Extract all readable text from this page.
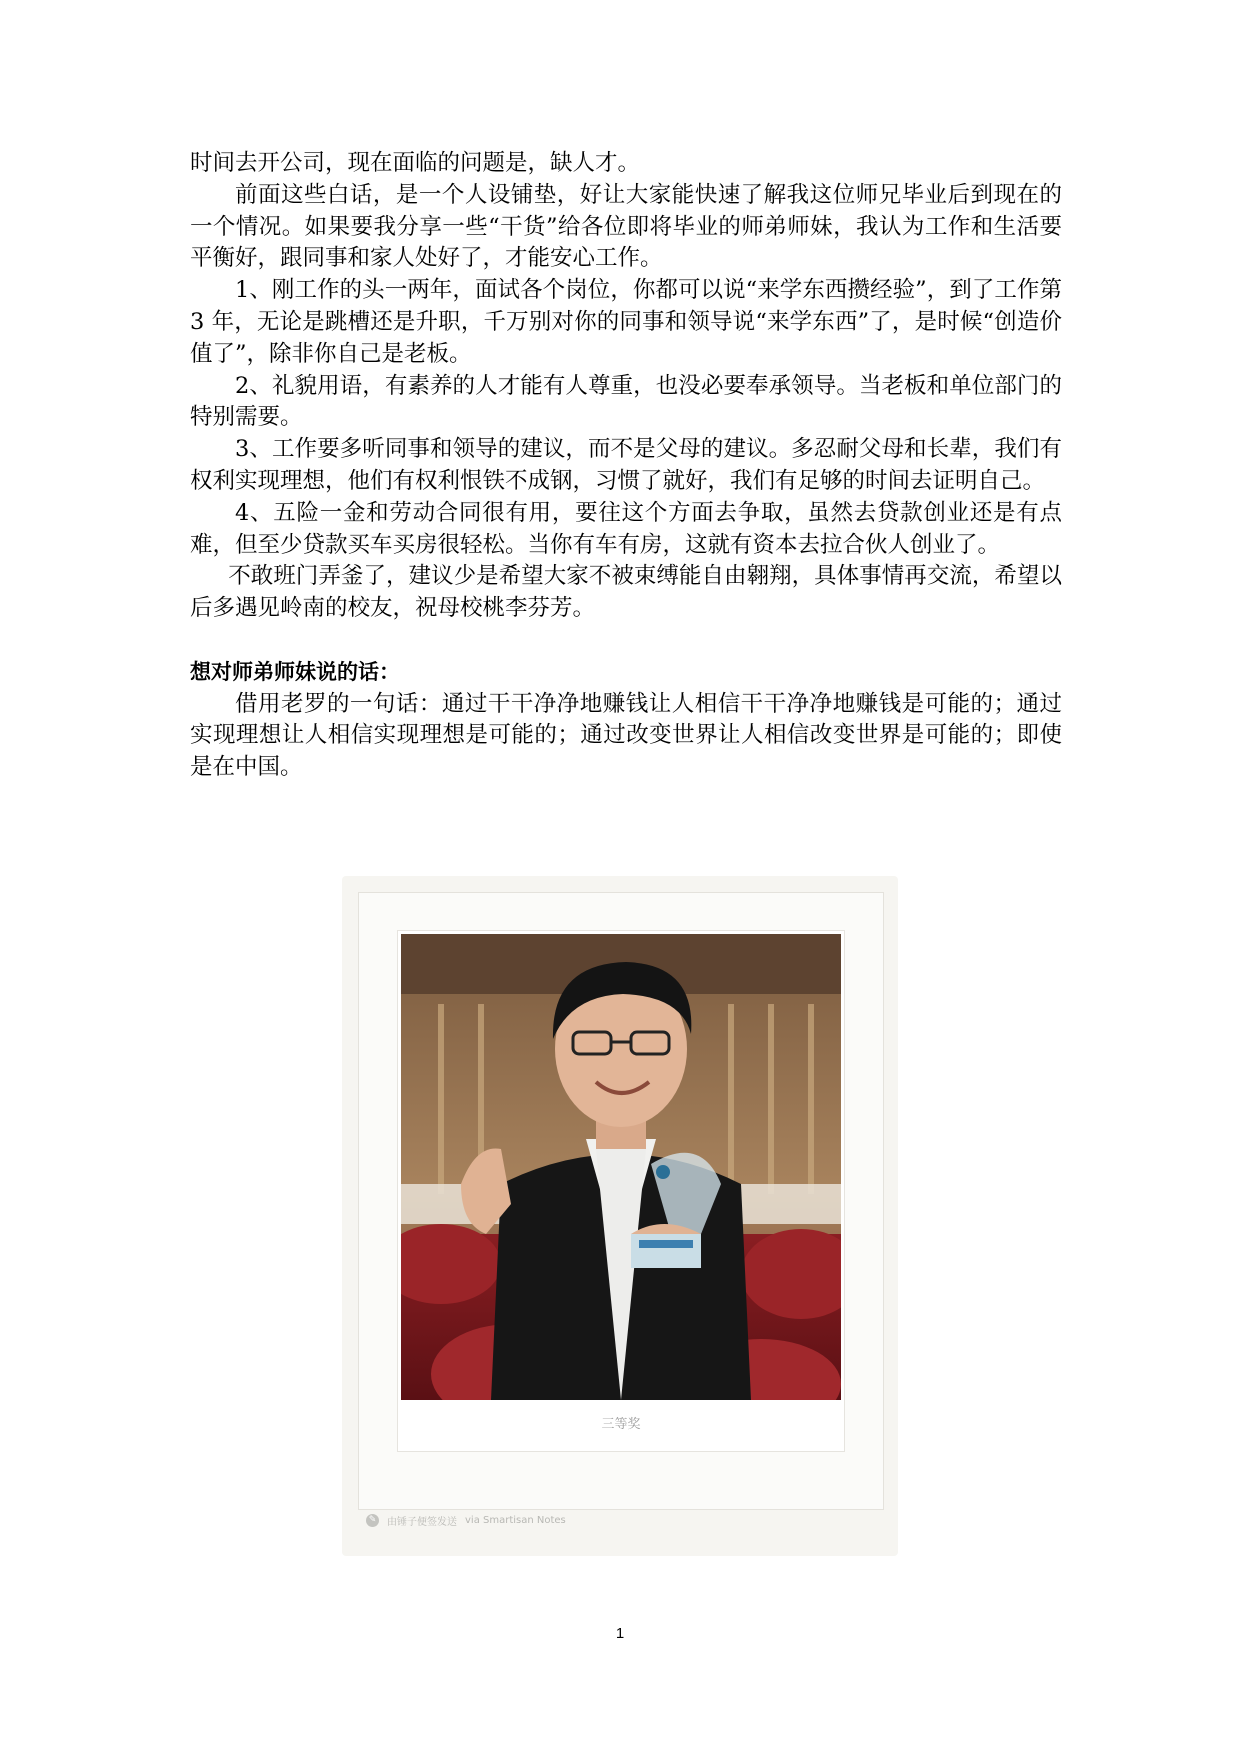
时间去开公司，现在面临的问题是，缺人才。

前面这些白话，是一个人设铺垫，好让大家能快速了解我这位师兄毕业后到现在的一个情况。如果要我分享一些“干货”给各位即将毕业的师弟师妹，我认为工作和生活要平衡好，跟同事和家人处好了，才能安心工作。

1、刚工作的头一两年，面试各个岗位，你都可以说“来学东西攒经验”，到了工作第 3 年，无论是跳槽还是升职，千万别对你的同事和领导说“来学东西”了，是时候“创造价值了”，除非你自己是老板。

2、礼貌用语，有素养的人才能有人尊重，也没必要奉承领导。当老板和单位部门的特别需要。

3、工作要多听同事和领导的建议，而不是父母的建议。多忍耐父母和长辈，我们有权利实现理想，他们有权利恨铁不成钢，习惯了就好，我们有足够的时间去证明自己。

4、五险一金和劳动合同很有用，要往这个方面去争取，虽然去贷款创业还是有点难，但至少贷款买车买房很轻松。当你有车有房，这就有资本去拉合伙人创业了。

不敢班门弄釜了，建议少是希望大家不被束缚能自由翱翔，具体事情再交流，希望以后多遇见岭南的校友，祝母校桃李芬芳。

想对师弟师妹说的话：

借用老罗的一句话：通过干干净净地赚钱让人相信干干净净地赚钱是可能的；通过实现理想让人相信实现理想是可能的；通过改变世界让人相信改变世界是可能的；即使是在中国。

三等奖
✎ 由锤子便签发送 via Smartisan Notes
1
